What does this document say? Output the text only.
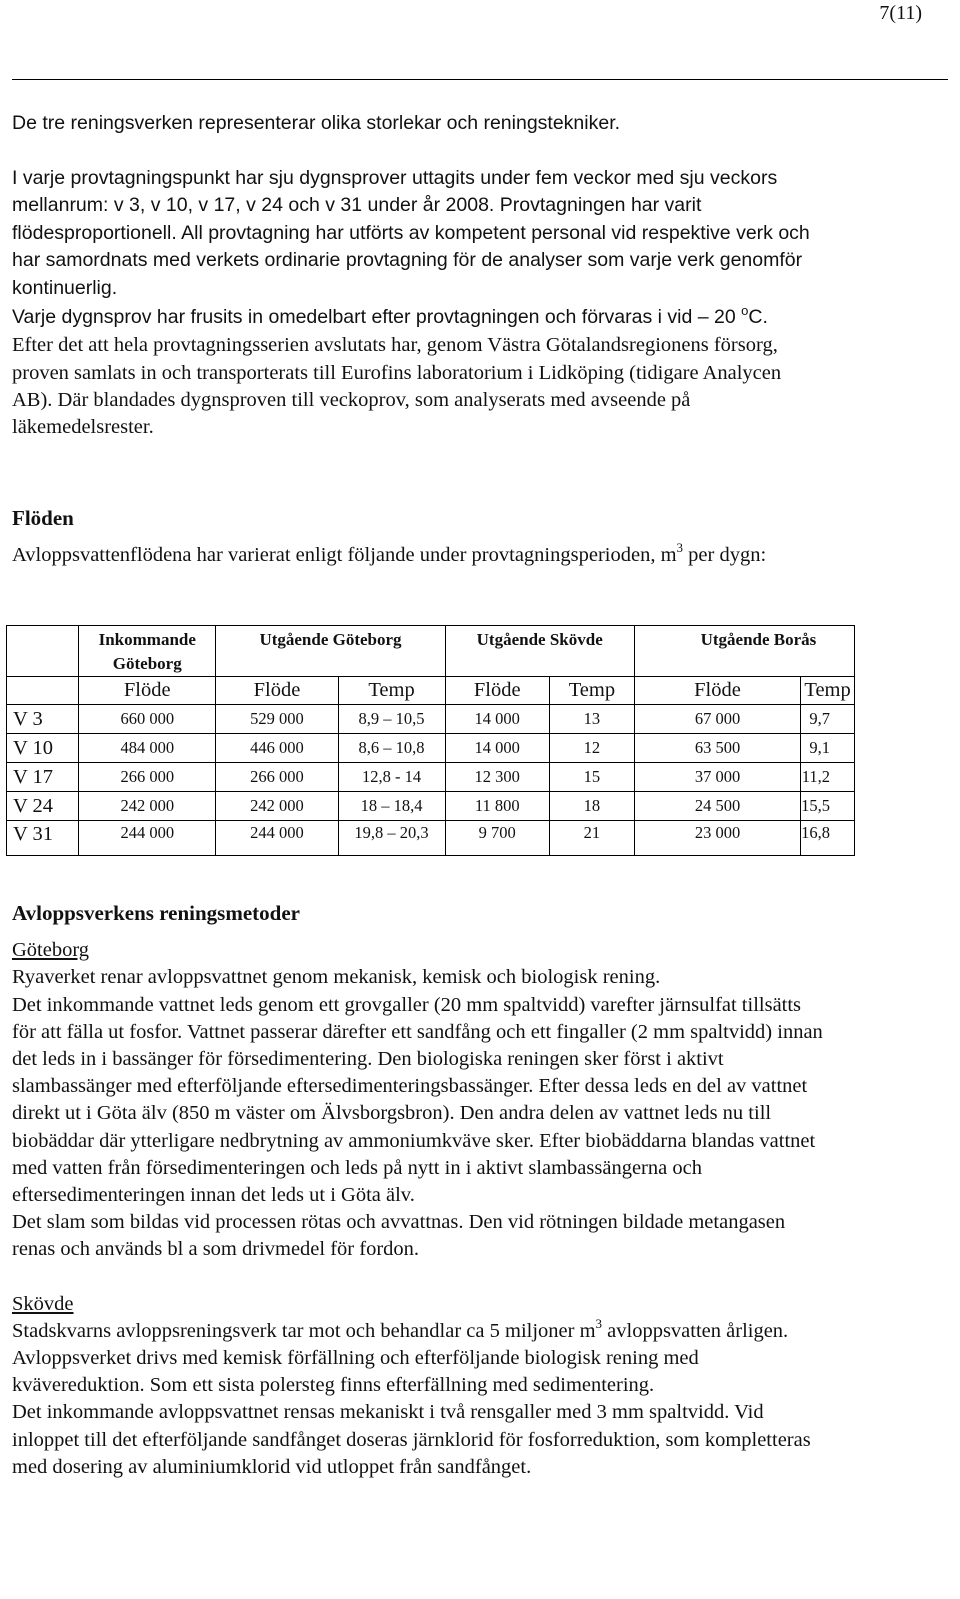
7(11)

De tre reningsverken representerar olika storlekar och reningstekniker.

I varje provtagningspunkt har sju dygnsprover uttagits under fem veckor med sju veckors mellanrum: v 3, v 10, v 17, v 24 och v 31 under år 2008. Provtagningen har varit flödesproportionell. All provtagning har utförts av kompetent personal vid respektive verk och har samordnats med verkets ordinarie provtagning för de analyser som varje verk genomför kontinuerlig.

Varje dygnsprov har frusits in omedelbart efter provtagningen och förvaras i vid – 20 $^o$C.

Efter det att hela provtagningsserien avslutats har, genom Västra Götalandsregionens försorg, proven samlats in och transporterats till Eurofins laboratorium i Lidköping (tidigare Analycen AB). Där blandades dygnsproven till veckoprov, som analyserats med avseende på läkemedelsrester.

Flöden

Avloppsvattenflödena har varierat enligt följande under provtagningsperioden, $m^3$ per dygn:

	Inkommande Göteborg	Utgående Göteborg		Utgående Skövde		Utgående Borås	
	Flöde	Flöde	Temp	Flöde	Temp	Flöde	Temp
V 3	660 000	529 000	8,9 – 10,5	14 000	13	67 000	9,7
V 10	484 000	446 000	8,6 – 10,8	14 000	12	63 500	9,1
V 17	266 000	266 000	12,8 - 14	12 300	15	37 000	11,2
V 24	242 000	242 000	18 – 18,4	11 800	18	24 500	15,5
V 31	244 000	244 000	19,8 – 20,3	9 700	21	23 000	16,8

Avloppsverkens reningsmetoder

Göteborg

Ryaverket renar avloppsvattnet genom mekanisk, kemisk och biologisk rening.

Det inkommande vattnet leds genom ett grovgaller (20 mm spaltvidd) varefter järnsulfat tillsätts för att fälla ut fosfor. Vattnet passerar därefter ett sandfång och ett fingaller (2 mm spaltvidd) innan det leds in i bassänger för försedimentering. Den biologiska reningen sker först i aktivt slambassänger med efterföljande eftersedimenteringsbassänger. Efter dessa leds en del av vattnet direkt ut i Göta älv (850 m väster om Älvsborgsbron). Den andra delen av vattnet leds nu till biobäddar där ytterligare nedbrytning av ammoniumkväve sker. Efter biobäddarna blandas vattnet med vatten från försedimenteringen och leds på nytt in i aktivt slambassängerna och eftersedimenteringen innan det leds ut i Göta älv.

Det slam som bildas vid processen rötas och avvattnas. Den vid rötningen bildade metangasen renas och används bl a som drivmedel för fordon.

Skövde

Stadskvarns avloppsreningsverk tar mot och behandlar ca 5 miljoner $m^3$ avloppsvatten årligen. Avloppsverket drivs med kemisk förfällning och efterföljande biologisk rening med kvävereduktion. Som ett sista polersteg finns efterfällning med sedimentering.

Det inkommande avloppsvattnet rensas mekaniskt i två rensgaller med 3 mm spaltvidd. Vid inloppet till det efterföljande sandfånget doseras järnklorid för fosforreduktion, som kompletteras med dosering av aluminiumklorid vid utloppet från sandfånget.
